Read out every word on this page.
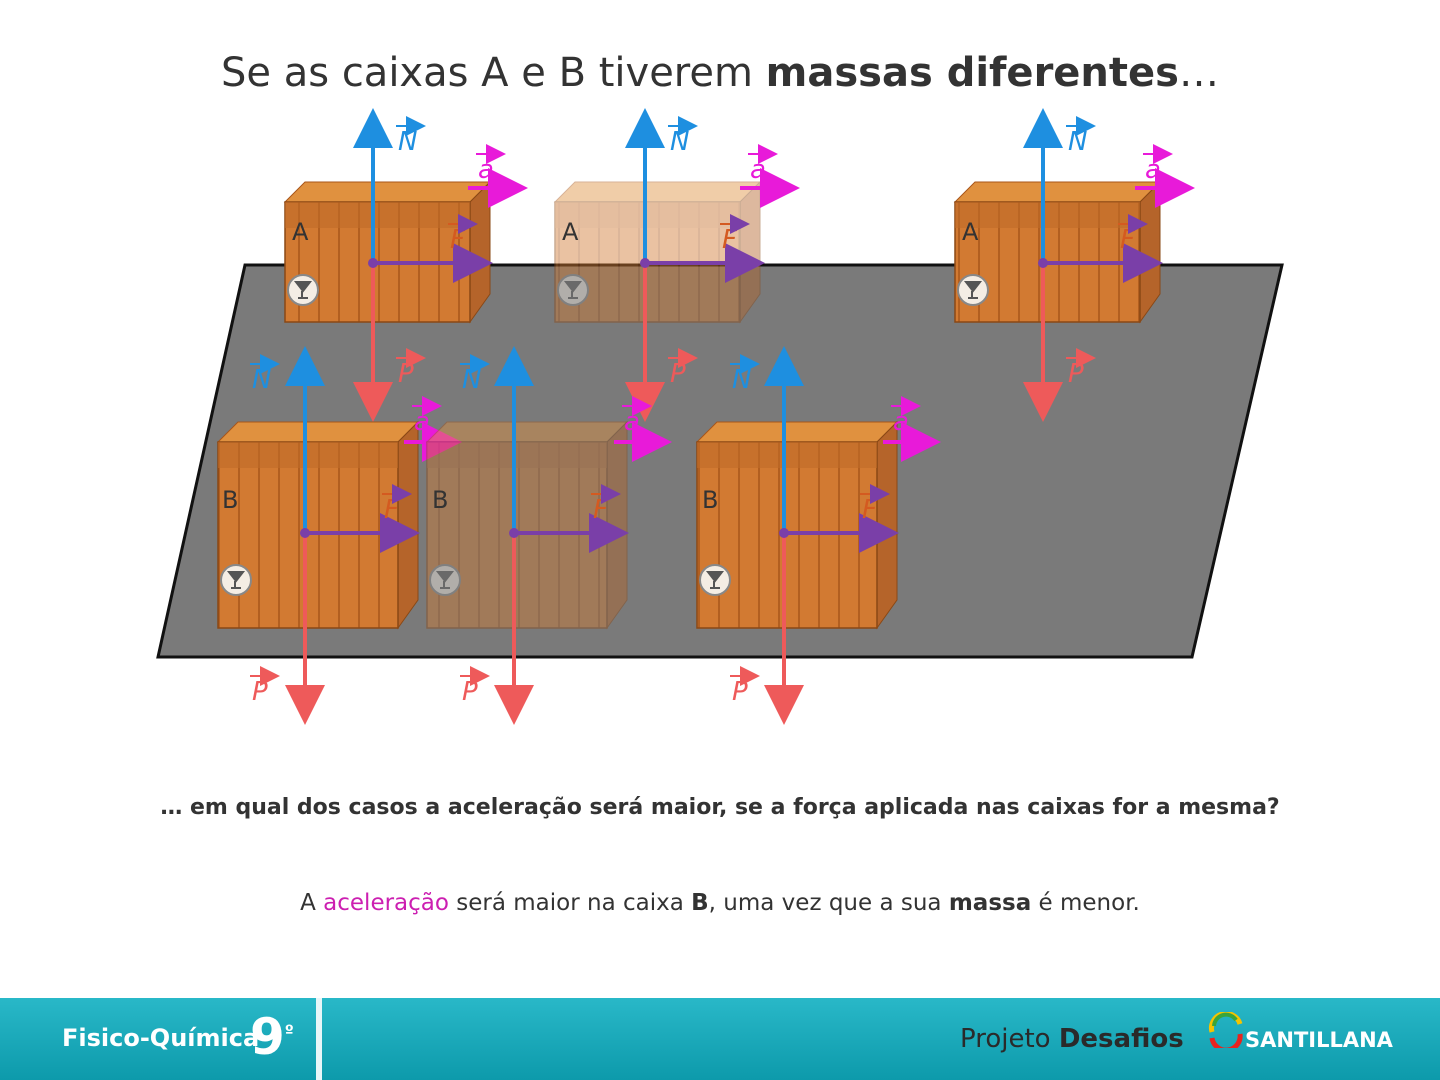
Se as caixas A e B tiverem massas diferentes…
A
N
P
F
a
A
N
P
F
a
A
N
P
F
a
B
N
P
F
a
B
N
P
F
a
B
N
P
F
a
… em qual dos casos a aceleração será maior, se a força aplicada nas caixas for a mesma?
A aceleração será maior na caixa B, uma vez que a sua massa é menor.
Fisico-Química
$9^º$	Projeto Desafios	SANTILLANA
